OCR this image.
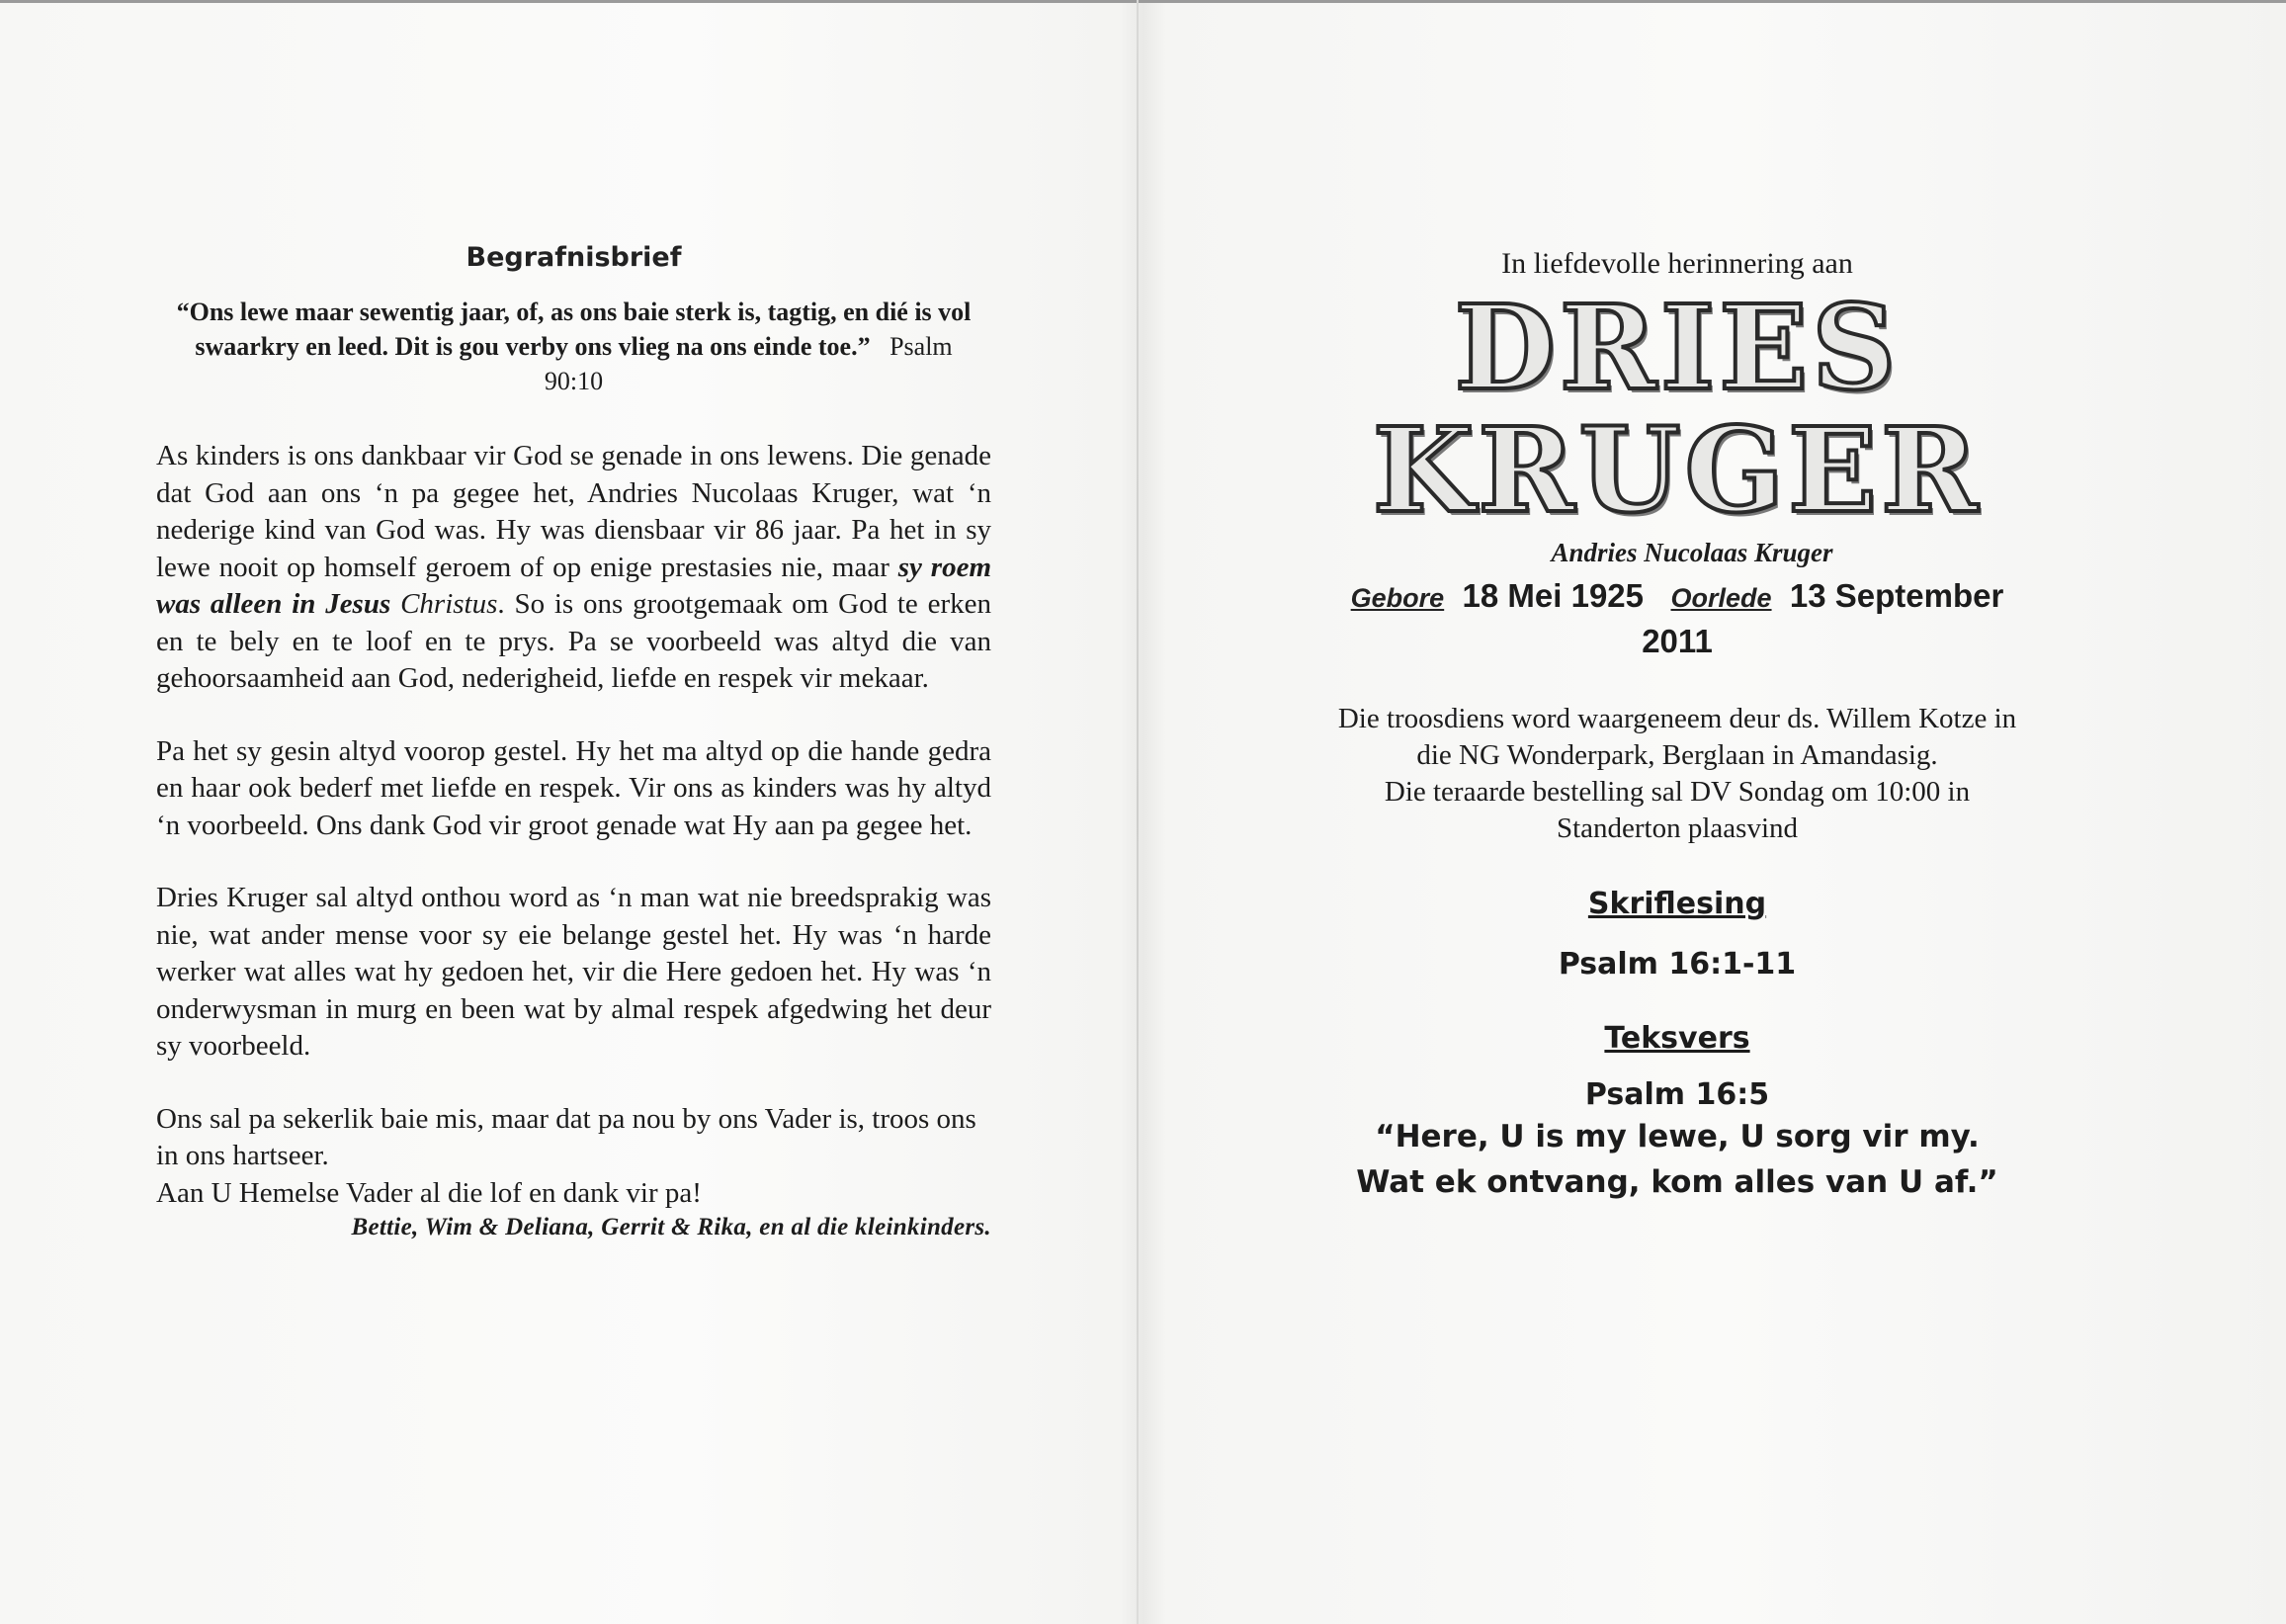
Begrafnisbrief
“Ons lewe maar sewentig jaar, of, as ons baie sterk is, tagtig, en dié is vol swaarkry en leed. Dit is gou verby ons vlieg na ons einde toe.” Psalm 90:10

As kinders is ons dankbaar vir God se genade in ons lewens. Die genade dat God aan ons ‘n pa gegee het, Andries Nucolaas Kruger, wat ‘n nederige kind van God was. Hy was diensbaar vir 86 jaar. Pa het in sy lewe nooit op homself geroem of op enige prestasies nie, maar sy roem was alleen in Jesus Christus. So is ons grootgemaak om God te erken en te bely en te loof en te prys. Pa se voorbeeld was altyd die van gehoorsaamheid aan God, nederigheid, liefde en respek vir mekaar.

Pa het sy gesin altyd voorop gestel. Hy het ma altyd op die hande gedra en haar ook bederf met liefde en respek. Vir ons as kinders was hy altyd ‘n voorbeeld. Ons dank God vir groot genade wat Hy aan pa gegee het.

Dries Kruger sal altyd onthou word as ‘n man wat nie breedsprakig was nie, wat ander mense voor sy eie belange gestel het. Hy was ‘n harde werker wat alles wat hy gedoen het, vir die Here gedoen het. Hy was ‘n onderwysman in murg en been wat by almal respek afgedwing het deur sy voorbeeld.

Ons sal pa sekerlik baie mis, maar dat pa nou by ons Vader is, troos ons in ons hartseer.
Aan U Hemelse Vader al die lof en dank vir pa!

Bettie, Wim & Deliana, Gerrit & Rika, en al die kleinkinders.
In liefdevolle herinnering aan
DRIES
KRUGER
Andries Nucolaas Kruger
Gebore 18 Mei 1925 Oorlede 13 September
2011
Die troosdiens word waargeneem deur ds. Willem Kotze in
die NG Wonderpark, Berglaan in Amandasig.
Die teraarde bestelling sal DV Sondag om 10:00 in
Standerton plaasvind
Skriflesing
Psalm 16:1-11
Teksvers
Psalm 16:5
“Here, U is my lewe, U sorg vir my.
Wat ek ontvang, kom alles van U af.”
